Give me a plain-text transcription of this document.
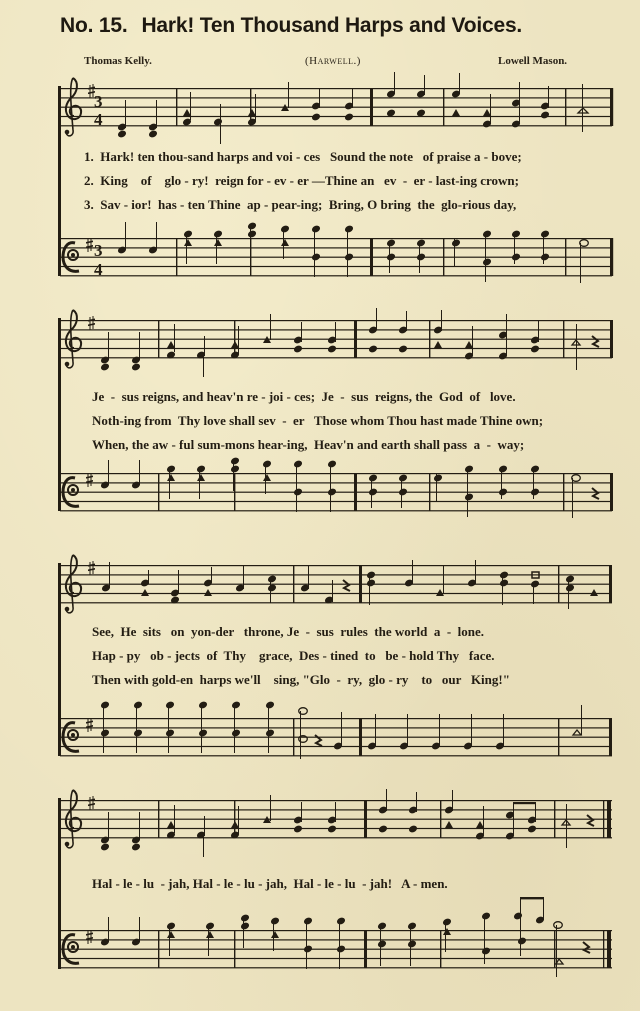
No. 15. Hark! Ten Thousand Harps and Voices.
Thomas Kelly.	(Harwell.)	Lowell Mason.
3
4
3
4
1.  Hark! ten thou-sand harps and voi - ces   Sound the note   of praise a - bove;
2.  King    of    glo - ry!  reign for - ev - er —Thine an   ev  -  er - last-ing crown;
3.  Sav - ior!  has - ten Thine  ap - pear-ing;  Bring, O bring  the  glo-rious day,
Je  -  sus reigns, and heav'n re - joi - ces;  Je  -  sus  reigns, the  God  of   love.
Noth-ing from  Thy love shall sev  -  er   Those whom Thou hast made Thine own;
When, the aw - ful sum-mons hear-ing,  Heav'n and earth shall pass  a  -  way;
See,  He  sits   on  yon-der   throne, Je  -  sus  rules  the world  a  -  lone.
Hap - py   ob - jects  of  Thy    grace,  Des - tined  to   be - hold Thy   face.
Then with gold-en  harps we'll    sing, "Glo  -  ry,  glo - ry    to   our   King!"
Hal - le - lu  - jah, Hal - le - lu - jah,  Hal - le - lu  - jah!   A - men.
